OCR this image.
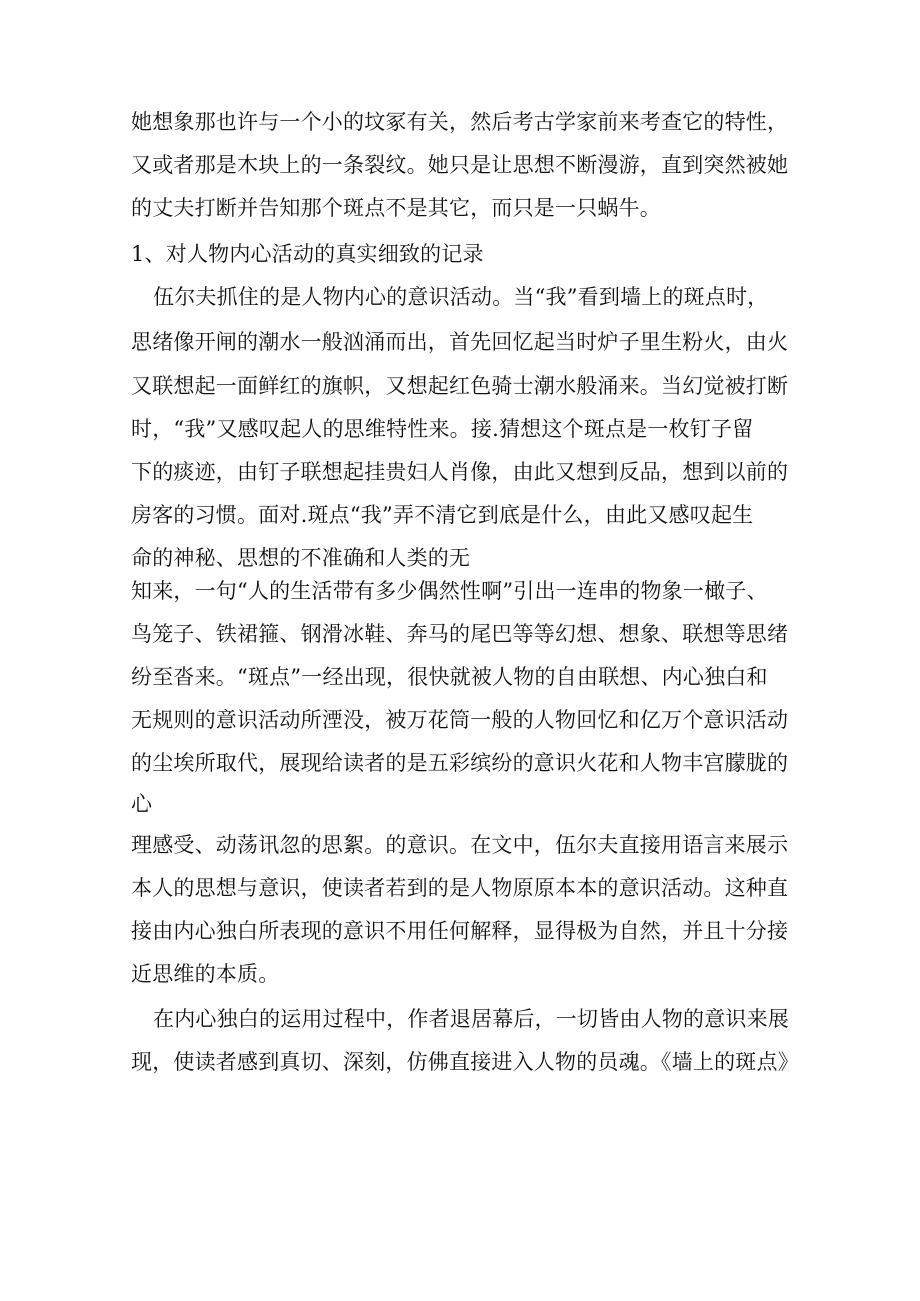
她想象那也许与一个小的坟冢有关，然后考古学家前来考查它的特性，
又或者那是木块上的一条裂纹。她只是让思想不断漫游，直到突然被她
的丈夫打断并告知那个斑点不是其它，而只是一只蜗牛。
1、对人物内心活动的真实细致的记录
伍尔夫抓住的是人物内心的意识活动。当“我”看到墙上的斑点时，
思绪像开闸的潮水一般汹涌而出，首先回忆起当时炉子里生粉火，由火
又联想起一面鲜红的旗帜，又想起红色骑士潮水般涌来。当幻觉被打断
时，“我”又感叹起人的思维特性来。接.猜想这个斑点是一枚钉子留
下的痰迹，由钉子联想起挂贵妇人肖像，由此又想到反品，想到以前的
房客的习惯。面对.斑点“我”弄不清它到底是什么，由此又感叹起生
命的神秘、思想的不准确和人类的无
知来，一句“人的生活带有多少偶然性啊”引出一连串的物象一橄子、
鸟笼子、铁裙箍、钢滑冰鞋、奔马的尾巴等等幻想、想象、联想等思绪
纷至沓来。“斑点”一经出现，很快就被人物的自由联想、内心独白和
无规则的意识活动所湮没，被万花筒一般的人物回忆和亿万个意识活动
的尘埃所取代，展现给读者的是五彩缤纷的意识火花和人物丰宫朦胧的
心
理感受、动荡讯忽的思絮。的意识。在文中，伍尔夫直接用语言来展示
本人的思想与意识，使读者若到的是人物原原本本的意识活动。这种直
接由内心独白所表现的意识不用任何解释，显得极为自然，并且十分接
近思维的本质。
在内心独白的运用过程中，作者退居幕后，一切皆由人物的意识来展
现，使读者感到真切、深刻，仿佛直接进入人物的员魂。《墙上的斑点》
